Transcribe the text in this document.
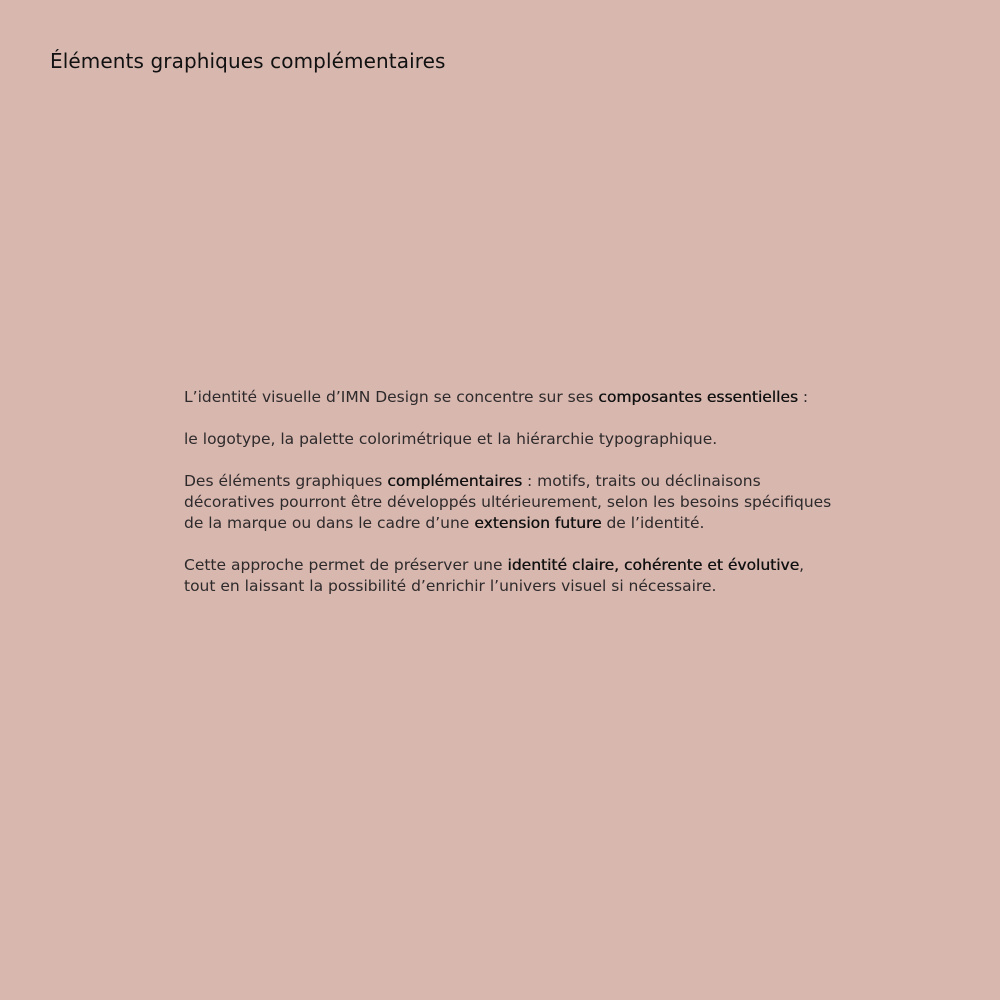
Éléments graphiques complémentaires

L’identité visuelle d’IMN Design se concentre sur ses composantes essentielles :

le logotype, la palette colorimétrique et la hiérarchie typographique.

Des éléments graphiques complémentaires : motifs, traits ou déclinaisons décoratives pourront être développés ultérieurement, selon les besoins spécifiques de la marque ou dans le cadre d’une extension future de l’identité.

Cette approche permet de préserver une identité claire, cohérente et évolutive, tout en laissant la possibilité d’enrichir l’univers visuel si nécessaire.
